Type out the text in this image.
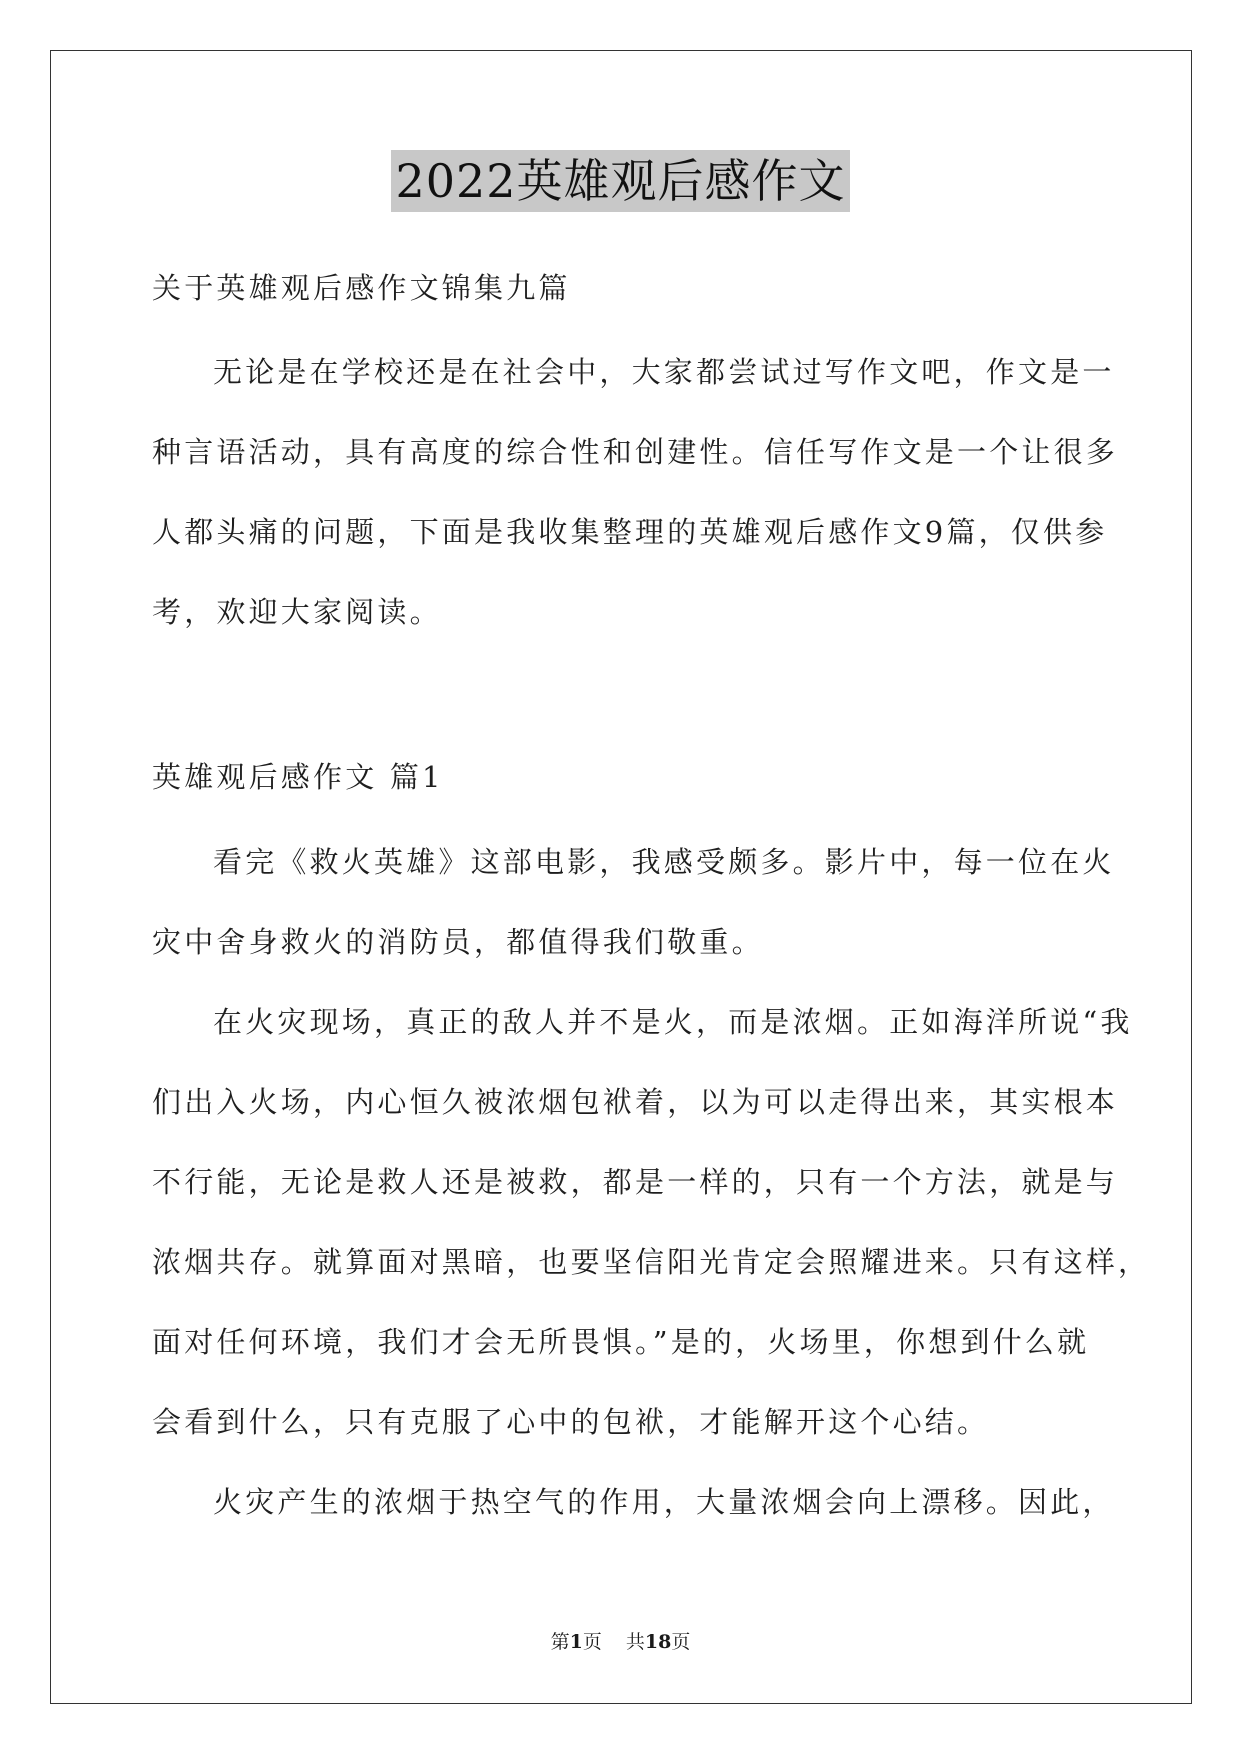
2022英雄观后感作文
关于英雄观后感作文锦集九篇
无论是在学校还是在社会中，大家都尝试过写作文吧，作文是一
种言语活动，具有高度的综合性和创建性。信任写作文是一个让很多
人都头痛的问题，下面是我收集整理的英雄观后感作文9篇，仅供参
考，欢迎大家阅读。
英雄观后感作文 篇1
看完《救火英雄》这部电影，我感受颇多。影片中，每一位在火
灾中舍身救火的消防员，都值得我们敬重。
在火灾现场，真正的敌人并不是火，而是浓烟。正如海洋所说“我
们出入火场，内心恒久被浓烟包袱着，以为可以走得出来，其实根本
不行能，无论是救人还是被救，都是一样的，只有一个方法，就是与
浓烟共存。就算面对黑暗，也要坚信阳光肯定会照耀进来。只有这样，
面对任何环境，我们才会无所畏惧。”是的，火场里，你想到什么就
会看到什么，只有克服了心中的包袱，才能解开这个心结。
火灾产生的浓烟于热空气的作用，大量浓烟会向上漂移。因此，
第1页 共18页
